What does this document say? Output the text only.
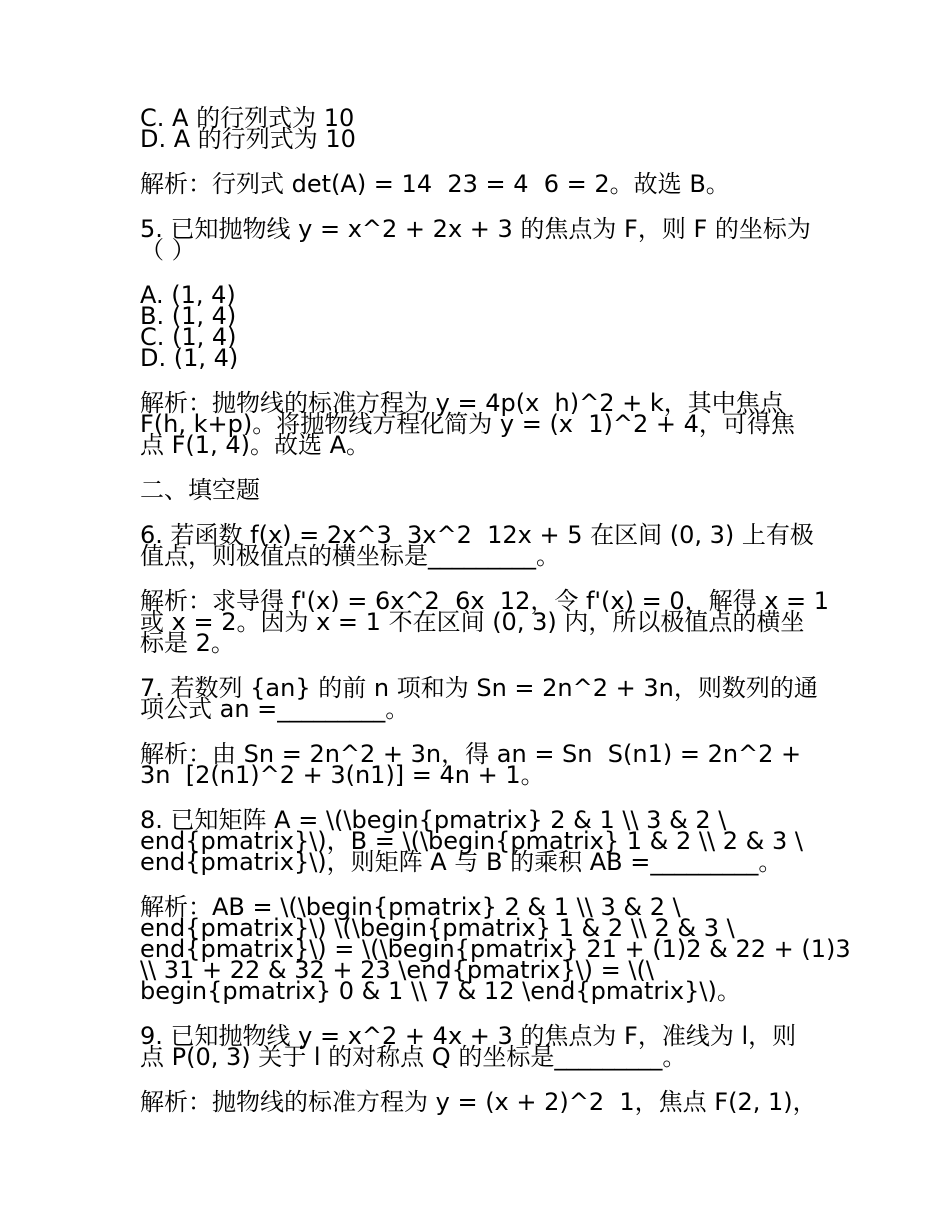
C. A 的行列式为 10

D. A 的行列式为 10

解析：行列式 det(A) = 14  23 = 4  6 = 2。故选 B。

5. 已知抛物线 y = x^2 + 2x + 3 的焦点为 F，则 F 的坐标为

（ ）

A. (1, 4)

B. (1, 4)

C. (1, 4)

D. (1, 4)

解析：抛物线的标准方程为 y = 4p(x  h)^2 + k，其中焦点

F(h, k+p)。将抛物线方程化简为 y = (x  1)^2 + 4，可得焦

点 F(1, 4)。故选 A。

二、填空题

6. 若函数 f(x) = 2x^3  3x^2  12x + 5 在区间 (0, 3) 上有极

值点，则极值点的横坐标是_________。

解析：求导得 f'(x) = 6x^2  6x  12，令 f'(x) = 0，解得 x = 1

或 x = 2。因为 x = 1 不在区间 (0, 3) 内，所以极值点的横坐

标是 2。

7. 若数列 {an} 的前 n 项和为 Sn = 2n^2 + 3n，则数列的通

项公式 an =_________。

解析：由 Sn = 2n^2 + 3n，得 an = Sn  S(n1) = 2n^2 +

3n  [2(n1)^2 + 3(n1)] = 4n + 1。

8. 已知矩阵 A = \(\begin{pmatrix} 2 & 1 \\ 3 & 2 \

end{pmatrix}\)，B = \(\begin{pmatrix} 1 & 2 \\ 2 & 3 \

end{pmatrix}\)，则矩阵 A 与 B 的乘积 AB =_________。

解析：AB = \(\begin{pmatrix} 2 & 1 \\ 3 & 2 \

end{pmatrix}\) \(\begin{pmatrix} 1 & 2 \\ 2 & 3 \

end{pmatrix}\) = \(\begin{pmatrix} 21 + (1)2 & 22 + (1)3

\\ 31 + 22 & 32 + 23 \end{pmatrix}\) = \(\

begin{pmatrix} 0 & 1 \\ 7 & 12 \end{pmatrix}\)。

9. 已知抛物线 y = x^2 + 4x + 3 的焦点为 F，准线为 l，则

点 P(0, 3) 关于 l 的对称点 Q 的坐标是_________。

解析：抛物线的标准方程为 y = (x + 2)^2  1，焦点 F(2, 1)，
